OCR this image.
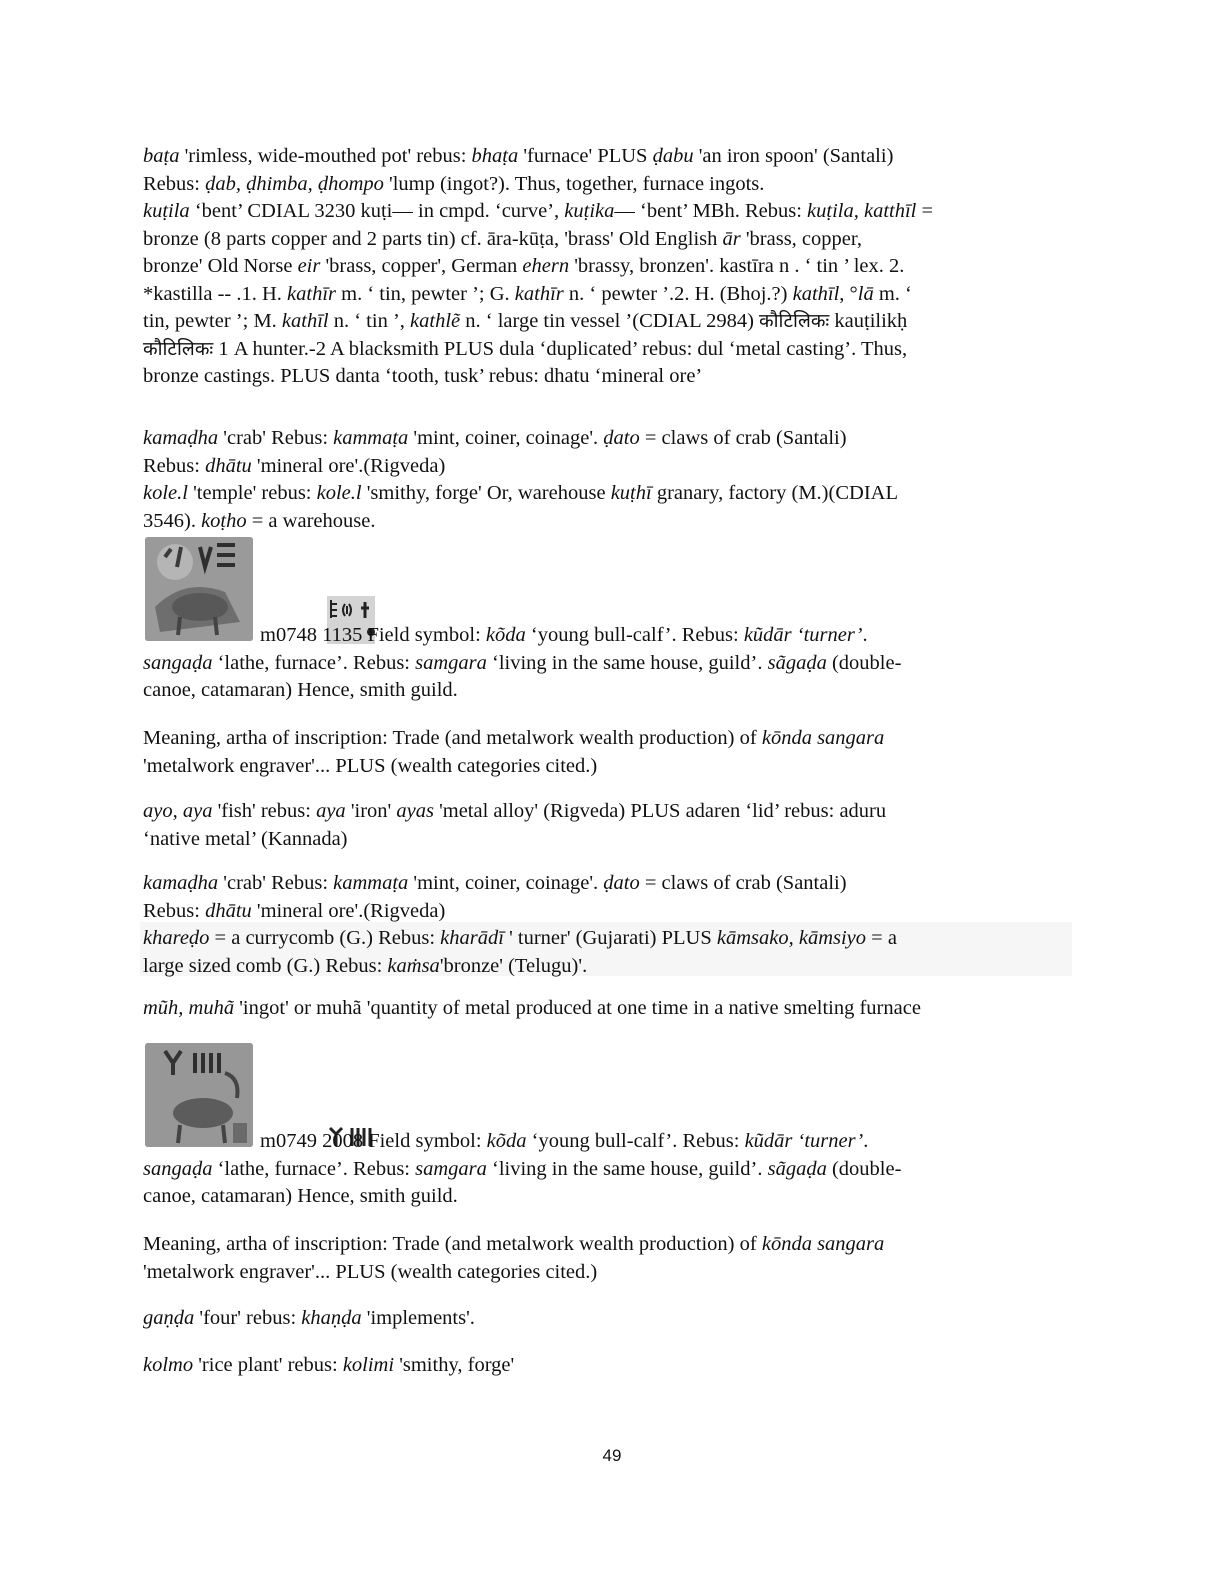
baṭa 'rimless, wide-mouthed pot' rebus: bhaṭa 'furnace' PLUS ḍabu 'an iron spoon' (Santali)
Rebus: ḍab, ḍhimba, ḍhompo 'lump (ingot?). Thus, together, furnace ingots.
kuṭila ‘bent’ CDIAL 3230 kuṭi— in cmpd. ‘curve’, kuṭika— ‘bent’ MBh. Rebus: kuṭila, katthīl =
bronze (8 parts copper and 2 parts tin) cf. āra-kūṭa, 'brass' Old English ār 'brass, copper,
bronze' Old Norse eir 'brass, copper', German ehern 'brassy, bronzen'. kastīra n . ‘ tin ’ lex. 2.
*kastilla -- .1. H. kathīr m. ‘ tin, pewter ’; G. kathīr n. ‘ pewter ’.2. H. (Bhoj.?) kathīl, °lā m. ‘
tin, pewter ’; M. kathīl n. ‘ tin ’, kathlẽ n. ‘ large tin vessel ’(CDIAL 2984) कौटिलिकः kauṭilikḥ
कौटिलिकः 1 A hunter.-2 A blacksmith PLUS dula ‘duplicated’ rebus: dul ‘metal casting’. Thus,
bronze castings. PLUS danta ‘tooth, tusk’ rebus: dhatu ‘mineral ore’
kamaḍha 'crab' Rebus: kammaṭa 'mint, coiner, coinage'. ḍato = claws of crab (Santali)
Rebus: dhātu 'mineral ore'.(Rigveda)
kole.l 'temple' rebus: kole.l 'smithy, forge' Or, warehouse kuṭhī granary, factory (M.)(CDIAL
3546). koṭho = a warehouse.
m0748 1135 Field symbol: kõda ‘young bull-calf’. Rebus: kũdār ‘turner’.
sangaḍa ‘lathe, furnace’. Rebus: samgara ‘living in the same house, guild’. sãgaḍa (double-
canoe, catamaran) Hence, smith guild.
Meaning, artha of inscription: Trade (and metalwork wealth production) of kōnda sangara
'metalwork engraver'... PLUS (wealth categories cited.)
ayo, aya 'fish' rebus: aya 'iron' ayas 'metal alloy' (Rigveda) PLUS adaren ‘lid’ rebus: aduru
‘native metal’ (Kannada)
kamaḍha 'crab' Rebus: kammaṭa 'mint, coiner, coinage'. ḍato = claws of crab (Santali)
Rebus: dhātu 'mineral ore'.(Rigveda)
khareḍo = a currycomb (G.) Rebus: kharādī ' turner' (Gujarati) PLUS kāmsako, kāmsiyo = a
large sized comb (G.) Rebus: kaṁsa'bronze' (Telugu)'.
mũh, muhã 'ingot' or muhã 'quantity of metal produced at one time in a native smelting furnace
m0749 2008 Field symbol: kõda ‘young bull-calf’. Rebus: kũdār ‘turner’.
sangaḍa ‘lathe, furnace’. Rebus: samgara ‘living in the same house, guild’. sãgaḍa (double-
canoe, catamaran) Hence, smith guild.
Meaning, artha of inscription: Trade (and metalwork wealth production) of kōnda sangara
'metalwork engraver'... PLUS (wealth categories cited.)
gaṇḍa 'four' rebus: khaṇḍa 'implements'.
kolmo 'rice plant' rebus: kolimi 'smithy, forge'
49
